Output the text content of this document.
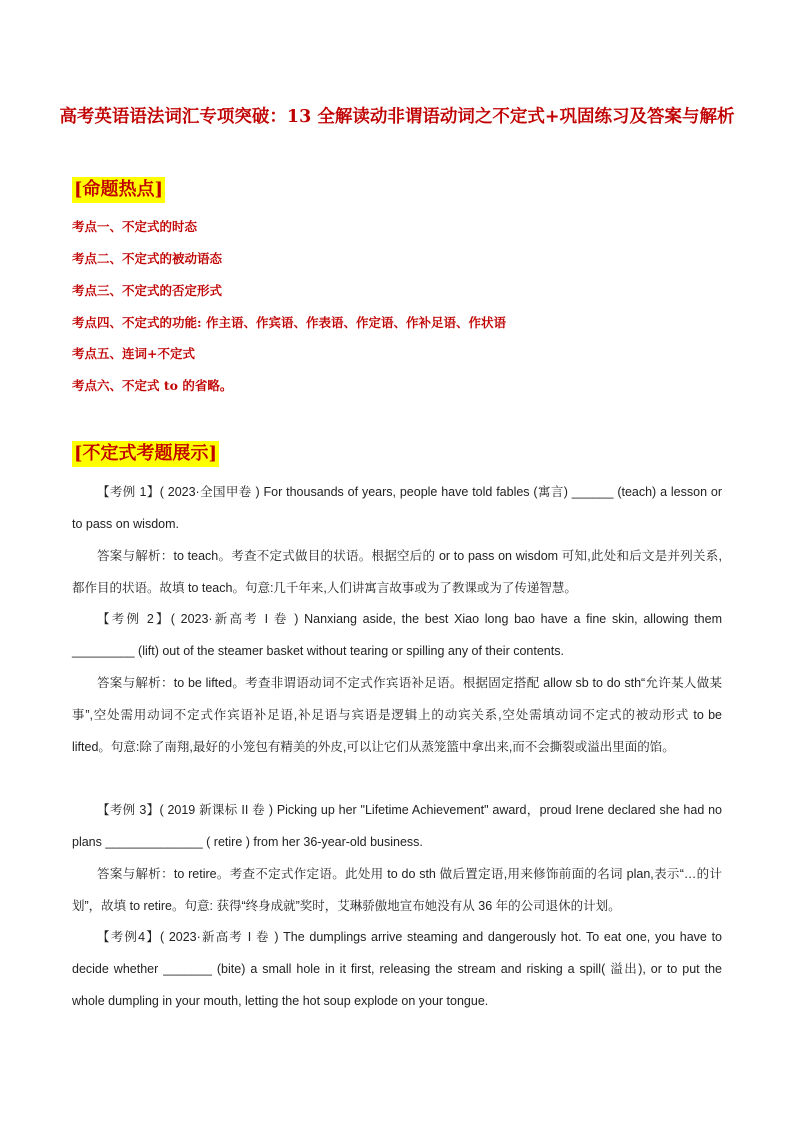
高考英语语法词汇专项突破：13 全解读动非谓语动词之不定式+巩固练习及答案与解析
[命题热点]
考点一、不定式的时态
考点二、不定式的被动语态
考点三、不定式的否定形式
考点四、不定式的功能: 作主语、作宾语、作表语、作定语、作补足语、作状语
考点五、连词+不定式
考点六、不定式 to 的省略。
[不定式考题展示]
【考例 1】( 2023·全国甲卷 ) For thousands of years, people have told fables (寓言) ______ (teach) a lesson or to pass on wisdom.
答案与解析：to teach。考查不定式做目的状语。根据空后的 or to pass on wisdom 可知,此处和后文是并列关系,都作目的状语。故填 to teach。句意:几千年来,人们讲寓言故事或为了教课或为了传递智慧。
【考例 2】( 2023·新高考 I 卷 ) Nanxiang aside, the best Xiao long bao have a fine skin, allowing them _________ (lift) out of the steamer basket without tearing or spilling any of their contents.
答案与解析：to be lifted。考查非谓语动词不定式作宾语补足语。根据固定搭配 allow sb to do sth“允许某人做某事”,空处需用动词不定式作宾语补足语,补足语与宾语是逻辑上的动宾关系,空处需填动词不定式的被动形式 to be lifted。句意:除了南翔,最好的小笼包有精美的外皮,可以让它们从蒸笼篮中拿出来,而不会撕裂或溢出里面的馅。
【考例 3】( 2019 新课标 II 卷 ) Picking up her "Lifetime Achievement" award，proud Irene declared she had no plans ______________ ( retire ) from her 36-year-old business.
答案与解析：to retire。考查不定式作定语。此处用 to do sth 做后置定语,用来修饰前面的名词 plan,表示“…的计划”，故填 to retire。句意: 获得“终身成就”奖时，艾琳骄傲地宣布她没有从 36 年的公司退休的计划。
【考例4】( 2023·新高考 I 卷 ) The dumplings arrive steaming and dangerously hot. To eat one, you have to decide whether _______ (bite) a small hole in it first, releasing the stream and risking a spill( 溢出), or to put the whole dumpling in your mouth, letting the hot soup explode on your tongue.
